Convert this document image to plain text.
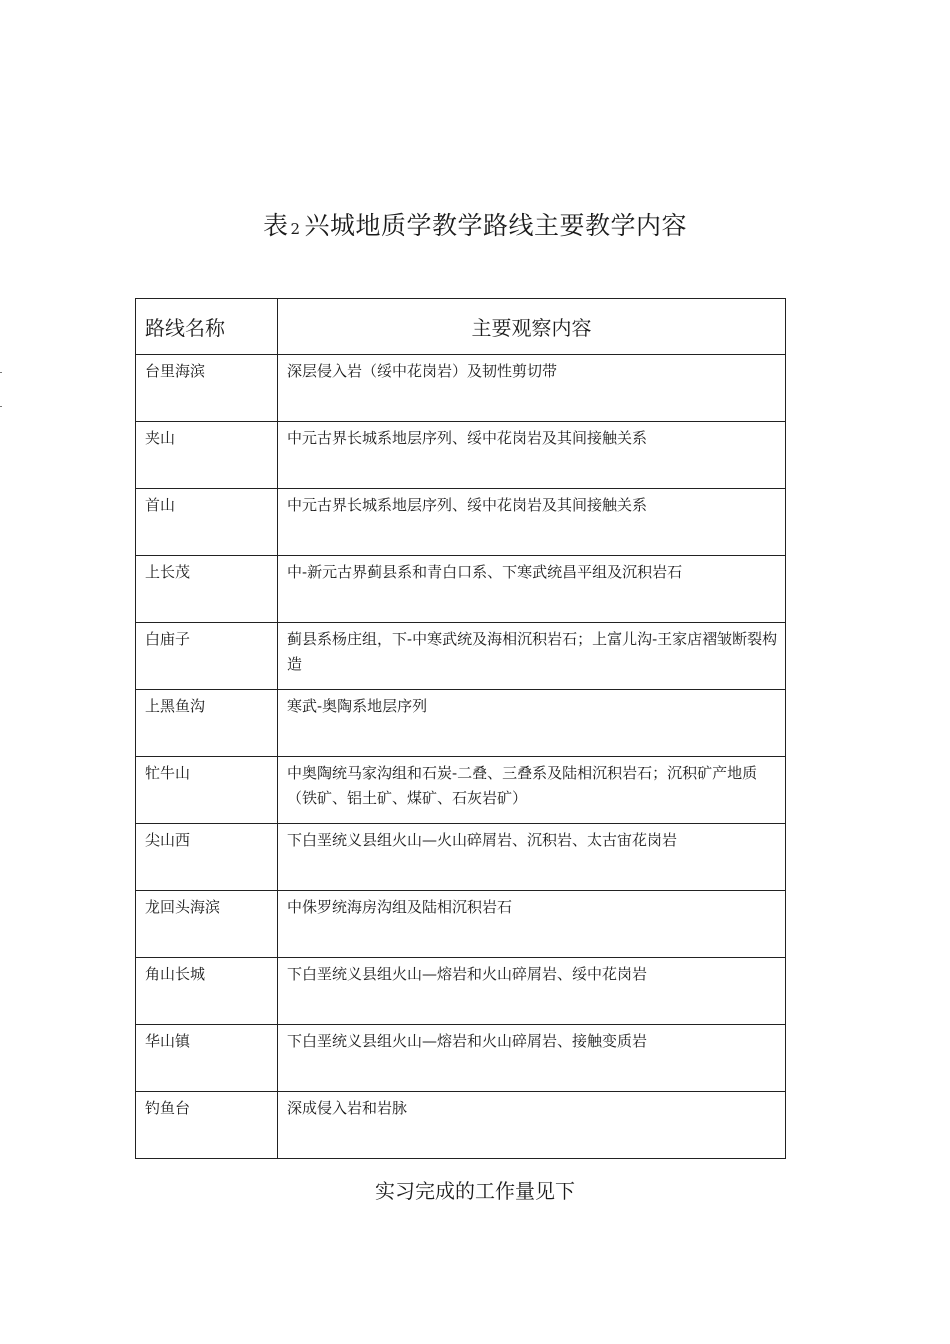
表 2 兴城地质学教学路线主要教学内容
路线名称	主要观察内容
台里海滨	深层侵入岩（绥中花岗岩）及韧性剪切带
夹山	中元古界长城系地层序列、绥中花岗岩及其间接触关系
首山	中元古界长城系地层序列、绥中花岗岩及其间接触关系
上长茂	中-新元古界蓟县系和青白口系、下寒武统昌平组及沉积岩石
白庙子	蓟县系杨庄组，下-中寒武统及海相沉积岩石；上富儿沟-王家店褶皱断裂构造
上黑鱼沟	寒武-奥陶系地层序列
牤牛山	中奥陶统马家沟组和石炭-二叠、三叠系及陆相沉积岩石；沉积矿产地质（铁矿、铝土矿、煤矿、石灰岩矿）
尖山西	下白垩统义县组火山—火山碎屑岩、沉积岩、太古宙花岗岩
龙回头海滨	中侏罗统海房沟组及陆相沉积岩石
角山长城	下白垩统义县组火山—熔岩和火山碎屑岩、绥中花岗岩
华山镇	下白垩统义县组火山—熔岩和火山碎屑岩、接触变质岩
钓鱼台	深成侵入岩和岩脉
实习完成的工作量见下
